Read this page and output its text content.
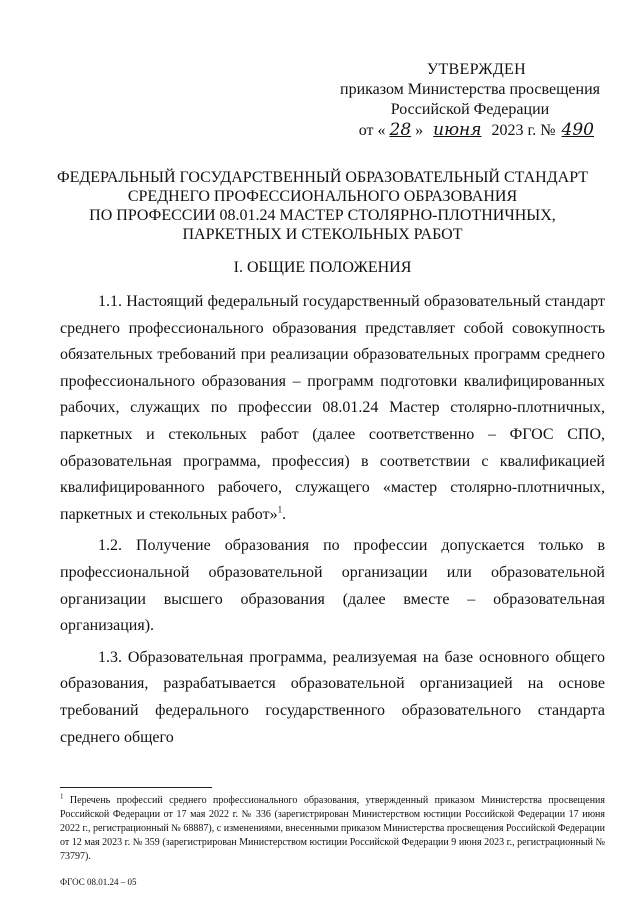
УТВЕРЖДЕН
приказом Министерства просвещения
Российской Федерации
от « 28 » июня 2023 г. № 490
ФЕДЕРАЛЬНЫЙ ГОСУДАРСТВЕННЫЙ ОБРАЗОВАТЕЛЬНЫЙ СТАНДАРТ
СРЕДНЕГО ПРОФЕССИОНАЛЬНОГО ОБРАЗОВАНИЯ
ПО ПРОФЕССИИ 08.01.24 МАСТЕР СТОЛЯРНО-ПЛОТНИЧНЫХ,
ПАРКЕТНЫХ И СТЕКОЛЬНЫХ РАБОТ
I. ОБЩИЕ ПОЛОЖЕНИЯ

1.1. Настоящий федеральный государственный образовательный стандарт среднего профессионального образования представляет собой совокупность обязательных требований при реализации образовательных программ среднего профессионального образования – программ подготовки квалифицированных рабочих, служащих по профессии 08.01.24 Мастер столярно-плотничных, паркетных и стекольных работ (далее соответственно – ФГОС СПО, образовательная программа, профессия) в соответствии с квалификацией квалифицированного рабочего, служащего «мастер столярно-плотничных, паркетных и стекольных работ»$^1$.

1.2. Получение образования по профессии допускается только в профессиональной образовательной организации или образовательной организации высшего образования (далее вместе – образовательная организация).

1.3. Образовательная программа, реализуемая на базе основного общего образования, разрабатывается образовательной организацией на основе требований федерального государственного образовательного стандарта среднего общего

$^1$ Перечень профессий среднего профессионального образования, утвержденный приказом Министерства просвещения Российской Федерации от 17 мая 2022 г. № 336 (зарегистрирован Министерством юстиции Российской Федерации 17 июня 2022 г., регистрационный № 68887), с изменениями, внесенными приказом Министерства просвещения Российской Федерации от 12 мая 2023 г. № 359 (зарегистрирован Министерством юстиции Российской Федерации 9 июня 2023 г., регистрационный № 73797).
ФГОС 08.01.24 – 05
